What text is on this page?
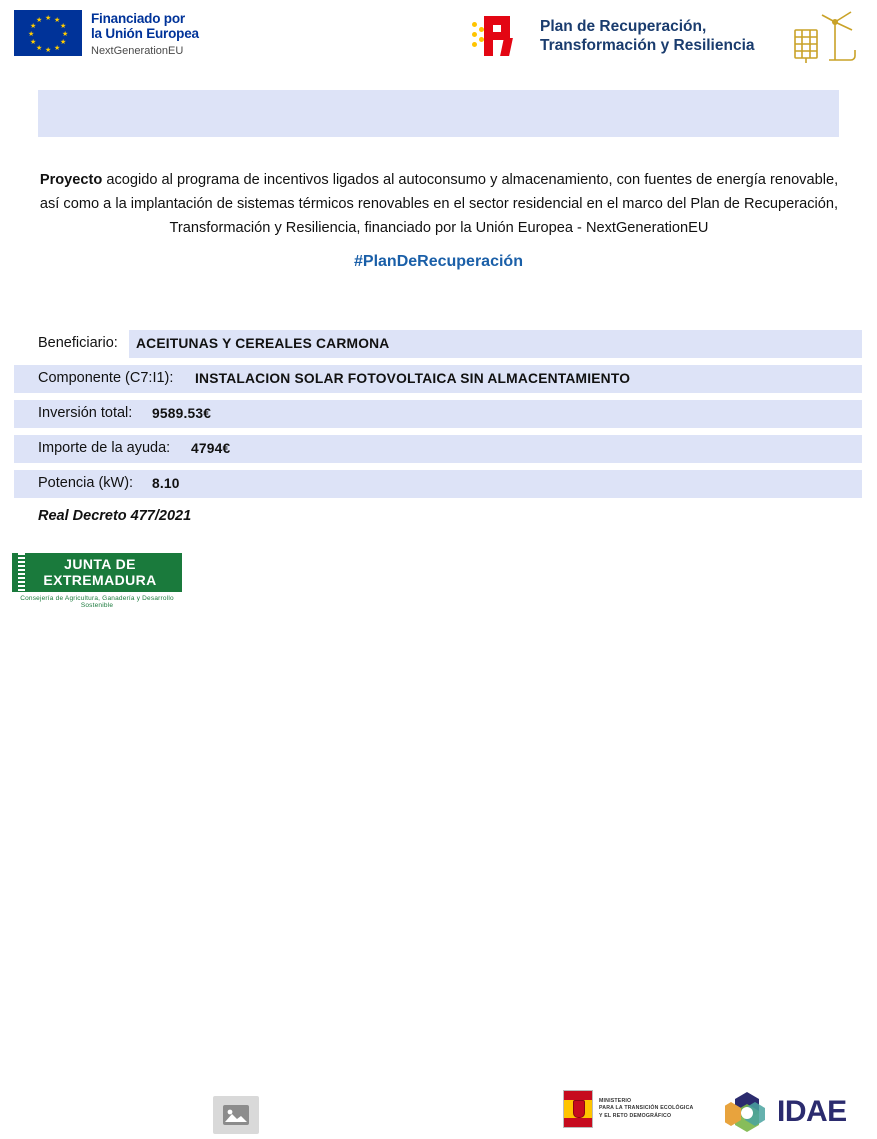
★ ★
★
★
★
★
★
★
★
★
★
★	Financiado por
la Unión Europea
NextGenerationEU
Plan de Recuperación,
Transformación y Resiliencia
Proyecto acogido al programa de incentivos ligados al autoconsumo y almacenamiento, con fuentes de energía renovable, así como a la implantación de sistemas térmicos renovables en el sector residencial en el marco del Plan de Recuperación, Transformación y Resiliencia, financiado por la Unión Europea - NextGenerationEU
#PlanDeRecuperación
Beneficiario: ACEITUNAS Y CEREALES CARMONA
Componente (C7:I1): INSTALACION SOLAR FOTOVOLTAICA SIN ALMACENTAMIENTO
Inversión total: 9589.53€
Importe de la ayuda: 4794€
Potencia (kW): 8.10
Real Decreto 477/2021
JUNTA DE EXTREMADURA
Consejería de Agricultura, Ganadería y Desarrollo Sostenible
MINISTERIO
PARA LA TRANSICIÓN ECOLÓGICA
Y EL RETO DEMOGRÁFICO	IDAE
